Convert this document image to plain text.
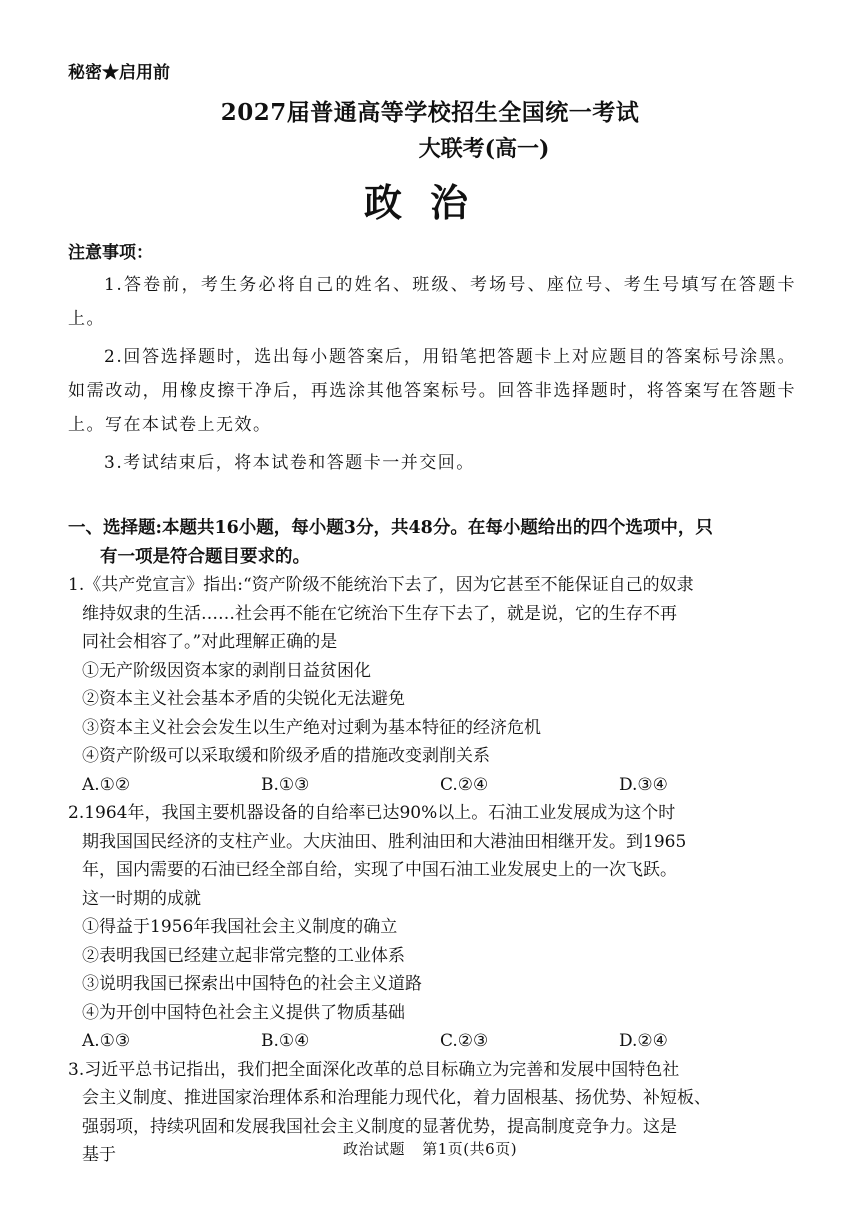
秘密★启用前
2027届普通高等学校招生全国统一考试
大联考(高一)
政治
注意事项：

1.答卷前，考生务必将自己的姓名、班级、考场号、座位号、考生号填写在答题卡上。

2.回答选择题时，选出每小题答案后，用铅笔把答题卡上对应题目的答案标号涂黑。如需改动，用橡皮擦干净后，再选涂其他答案标号。回答非选择题时，将答案写在答题卡上。写在本试卷上无效。

3.考试结束后，将本试卷和答题卡一并交回。

一、选择题:本题共16小题，每小题3分，共48分。在每小题给出的四个选项中，只
有一项是符合题目要求的。
1.《共产党宣言》指出:“资产阶级不能统治下去了，因为它甚至不能保证自己的奴隶
维持奴隶的生活……社会再不能在它统治下生存下去了，就是说，它的生存不再
同社会相容了。”对此理解正确的是
①无产阶级因资本家的剥削日益贫困化
②资本主义社会基本矛盾的尖锐化无法避免
③资本主义社会会发生以生产绝对过剩为基本特征的经济危机
④资产阶级可以采取缓和阶级矛盾的措施改变剥削关系
A.①②	B.①③	C.②④	D.③④
2.1964年，我国主要机器设备的自给率已达90%以上。石油工业发展成为这个时
期我国国民经济的支柱产业。大庆油田、胜利油田和大港油田相继开发。到1965
年，国内需要的石油已经全部自给，实现了中国石油工业发展史上的一次飞跃。
这一时期的成就
①得益于1956年我国社会主义制度的确立
②表明我国已经建立起非常完整的工业体系
③说明我国已探索出中国特色的社会主义道路
④为开创中国特色社会主义提供了物质基础
A.①③	B.①④	C.②③	D.②④
3.习近平总书记指出，我们把全面深化改革的总目标确立为完善和发展中国特色社
会主义制度、推进国家治理体系和治理能力现代化，着力固根基、扬优势、补短板、
强弱项，持续巩固和发展我国社会主义制度的显著优势，提高制度竞争力。这是
基于	政治试题 第1页(共6页)
